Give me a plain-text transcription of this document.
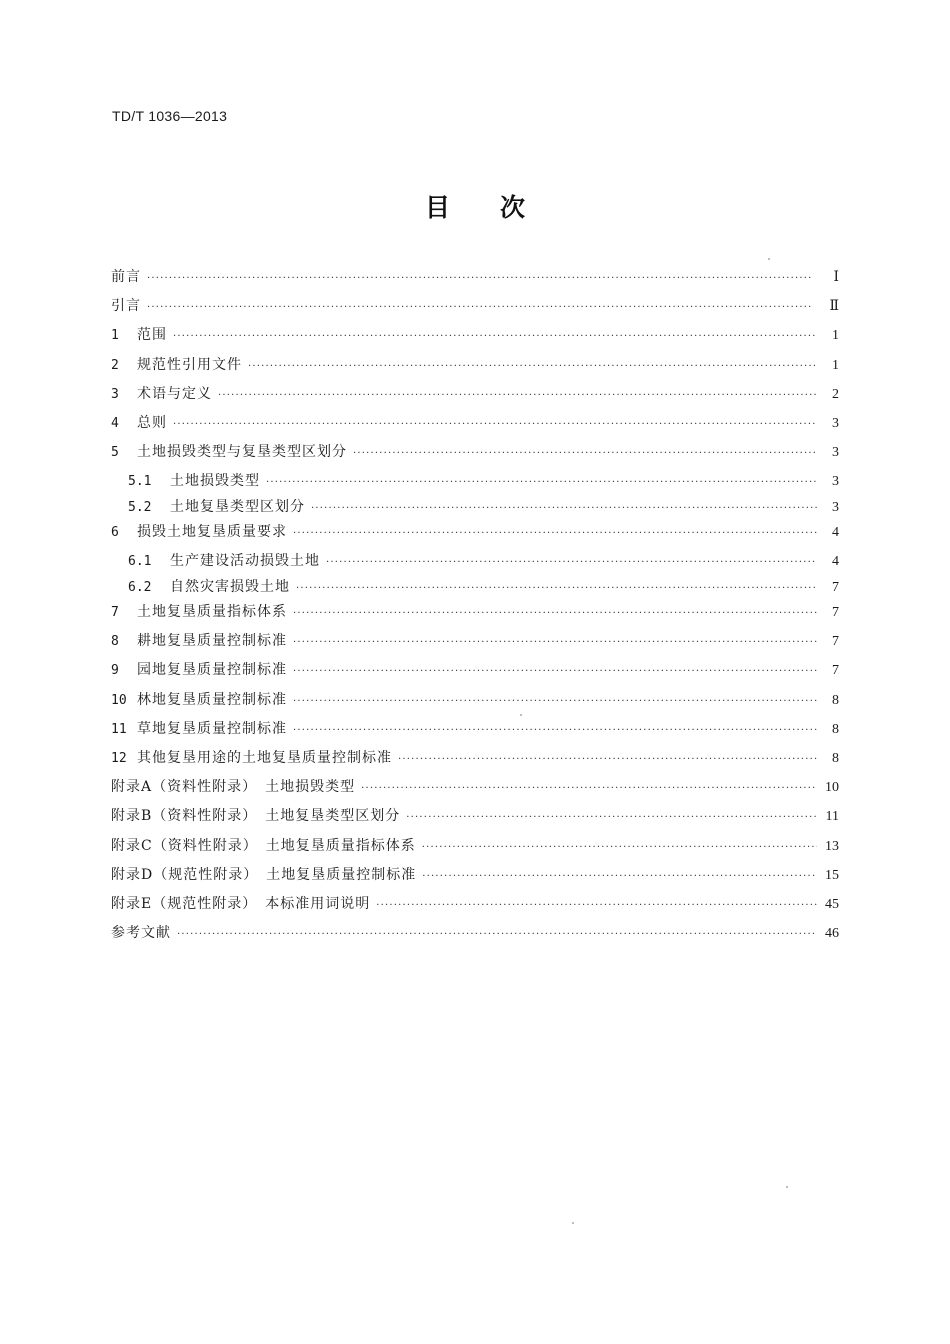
TD/T 1036—2013
目次
前言 ·····	Ⅰ
引言 ·····	Ⅱ
1 范围 ·····	1
2 规范性引用文件 ·····	1
3 术语与定义 ·····	2
4 总则 ·····	3
5 土地损毁类型与复垦类型区划分 ·····	3
5.1 土地损毁类型 ·····	3
5.2 土地复垦类型区划分 ·····	3
6 损毁土地复垦质量要求 ·····	4
6.1 生产建设活动损毁土地 ·····	4
6.2 自然灾害损毁土地 ·····	7
7 土地复垦质量指标体系 ·····	7
8 耕地复垦质量控制标准 ·····	7
9 园地复垦质量控制标准 ·····	7
10 林地复垦质量控制标准 ·····	8
11 草地复垦质量控制标准 ·····	8
12 其他复垦用途的土地复垦质量控制标准 ·····	8
附录A（资料性附录）　土地损毁类型 ·····	10
附录B（资料性附录）　土地复垦类型区划分 ·····	11
附录C（资料性附录）　土地复垦质量指标体系 ·····	13
附录D（规范性附录）　土地复垦质量控制标准 ·····	15
附录E（规范性附录）　本标准用词说明 ·····	45
参考文献 ·····	46
